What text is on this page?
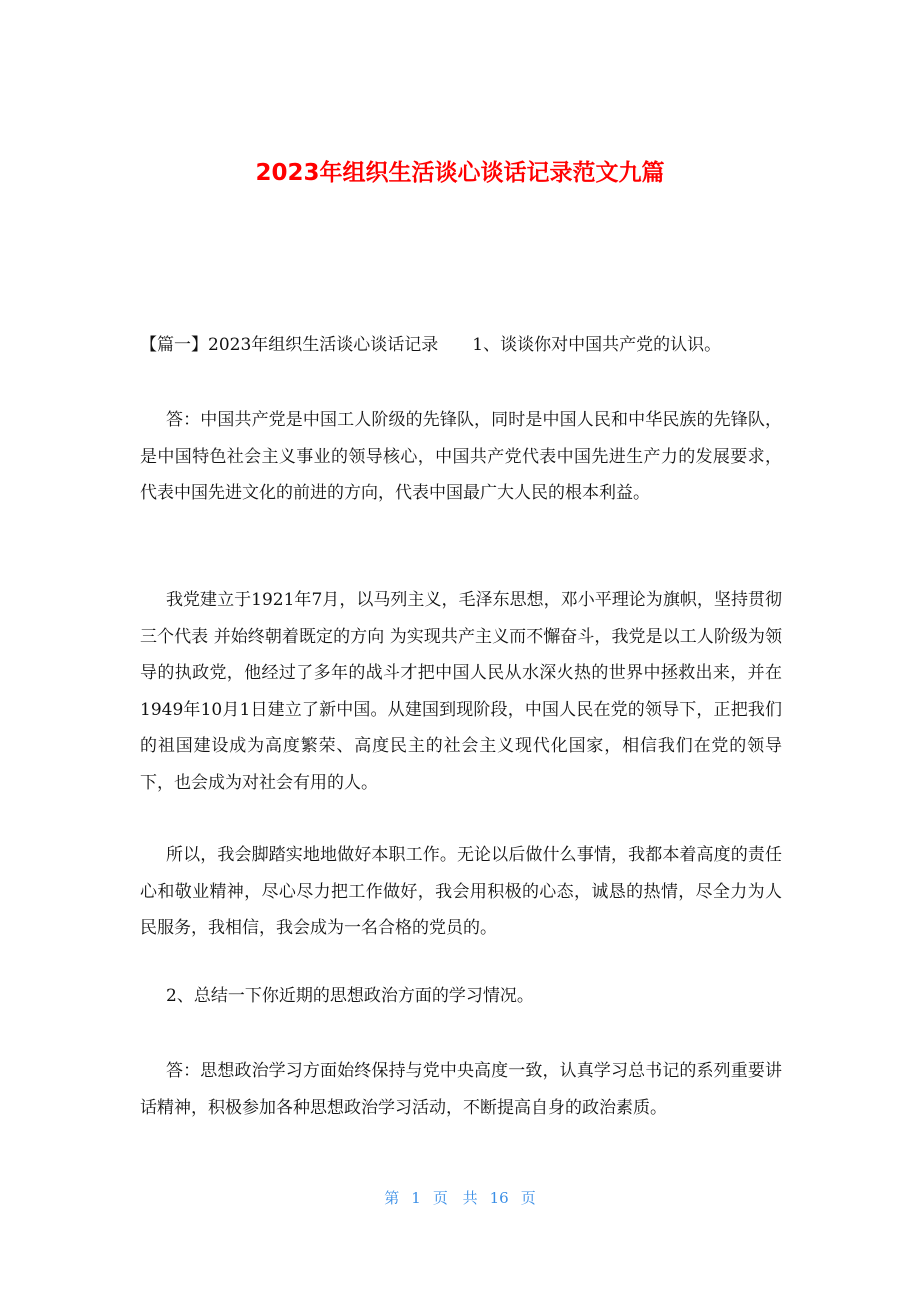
2023年组织生活谈心谈话记录范文九篇

【篇一】2023年组织生活谈心谈话记录　　1、谈谈你对中国共产党的认识。

答：中国共产党是中国工人阶级的先锋队，同时是中国人民和中华民族的先锋队，是中国特色社会主义事业的领导核心，中国共产党代表中国先进生产力的发展要求，代表中国先进文化的前进的方向，代表中国最广大人民的根本利益。

我党建立于1921年7月，以马列主义，毛泽东思想，邓小平理论为旗帜，坚持贯彻 三个代表 并始终朝着既定的方向 为实现共产主义而不懈奋斗，我党是以工人阶级为领导的执政党，他经过了多年的战斗才把中国人民从水深火热的世界中拯救出来，并在1949年10月1日建立了新中国。从建国到现阶段，中国人民在党的领导下，正把我们的祖国建设成为高度繁荣、高度民主的社会主义现代化国家，相信我们在党的领导下，也会成为对社会有用的人。

所以，我会脚踏实地地做好本职工作。无论以后做什么事情，我都本着高度的责任心和敬业精神，尽心尽力把工作做好，我会用积极的心态，诚恳的热情，尽全力为人民服务，我相信，我会成为一名合格的党员的。

2、总结一下你近期的思想政治方面的学习情况。

答：思想政治学习方面始终保持与党中央高度一致，认真学习总书记的系列重要讲话精神，积极参加各种思想政治学习活动，不断提高自身的政治素质。

第 1 页 共 16 页
